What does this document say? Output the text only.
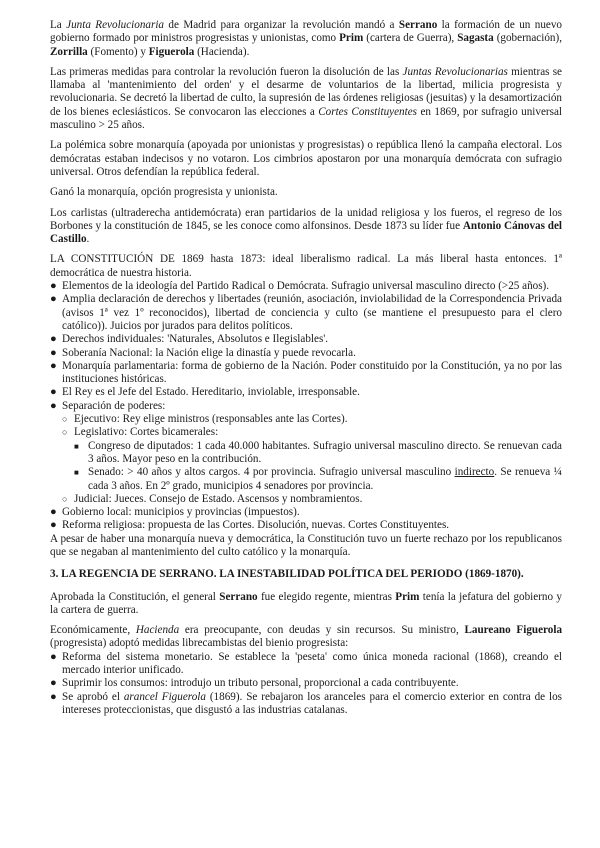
La Junta Revolucionaria de Madrid para organizar la revolución mandó a Serrano la formación de un nuevo gobierno formado por ministros progresistas y unionistas, como Prim (cartera de Guerra), Sagasta (gobernación), Zorrilla (Fomento) y Figuerola (Hacienda).

Las primeras medidas para controlar la revolución fueron la disolución de las Juntas Revolucionarias mientras se llamaba al 'mantenimiento del orden' y el desarme de voluntarios de la libertad, milicia progresista y revolucionaria. Se decretó la libertad de culto, la supresión de las órdenes religiosas (jesuitas) y la desamortización de los bienes eclesiásticos. Se convocaron las elecciones a Cortes Constituyentes en 1869, por sufragio universal masculino > 25 años.

La polémica sobre monarquía (apoyada por unionistas y progresistas) o república llenó la campaña electoral. Los demócratas estaban indecisos y no votaron. Los cimbrios apostaron por una monarquía demócrata con sufragio universal. Otros defendían la república federal.

Ganó la monarquía, opción progresista y unionista.

Los carlistas (ultraderecha antidemócrata) eran partidarios de la unidad religiosa y los fueros, el regreso de los Borbones y la constitución de 1845, se les conoce como alfonsinos. Desde 1873 su líder fue Antonio Cánovas del Castillo.

LA CONSTITUCIÓN DE 1869 hasta 1873: ideal liberalismo radical. La más liberal hasta entonces. 1ª democrática de nuestra historia.

● Elementos de la ideología del Partido Radical o Demócrata. Sufragio universal masculino directo (>25 años).
● Amplia declaración de derechos y libertades (reunión, asociación, inviolabilidad de la Correspondencia Privada (avisos 1ª vez 1º reconocidos), libertad de conciencia y culto (se mantiene el presupuesto para el clero católico)). Juicios por jurados para delitos políticos.
● Derechos individuales: 'Naturales, Absolutos e Ilegislables'.
● Soberanía Nacional: la Nación elige la dinastía y puede revocarla.
● Monarquía parlamentaria: forma de gobierno de la Nación. Poder constituido por la Constitución, ya no por las instituciones históricas.
● El Rey es el Jefe del Estado. Hereditario, inviolable, irresponsable.
● Separación de poderes:
○ Ejecutivo: Rey elige ministros (responsables ante las Cortes).
○ Legislativo: Cortes bicamerales:
■ Congreso de diputados: 1 cada 40.000 habitantes. Sufragio universal masculino directo. Se renuevan cada 3 años. Mayor peso en la contribución.
■ Senado: > 40 años y altos cargos. 4 por provincia. Sufragio universal masculino indirecto. Se renueva ¼ cada 3 años. En 2º grado, municipios 4 senadores por provincia.
○ Judicial: Jueces. Consejo de Estado. Ascensos y nombramientos.
● Gobierno local: municipios y provincias (impuestos).
● Reforma religiosa: propuesta de las Cortes. Disolución, nuevas. Cortes Constituyentes.

A pesar de haber una monarquía nueva y democrática, la Constitución tuvo un fuerte rechazo por los republicanos que se negaban al mantenimiento del culto católico y la monarquía.

3. LA REGENCIA DE SERRANO. LA INESTABILIDAD POLÍTICA DEL PERIODO (1869-1870).

Aprobada la Constitución, el general Serrano fue elegido regente, mientras Prim tenía la jefatura del gobierno y la cartera de guerra.

Económicamente, Hacienda era preocupante, con deudas y sin recursos. Su ministro, Laureano Figuerola (progresista) adoptó medidas librecambistas del bienio progresista:

● Reforma del sistema monetario. Se establece la 'peseta' como única moneda racional (1868), creando el mercado interior unificado.
● Suprimir los consumos: introdujo un tributo personal, proporcional a cada contribuyente.
● Se aprobó el arancel Figuerola (1869). Se rebajaron los aranceles para el comercio exterior en contra de los intereses proteccionistas, que disgustó a las industrias catalanas.
